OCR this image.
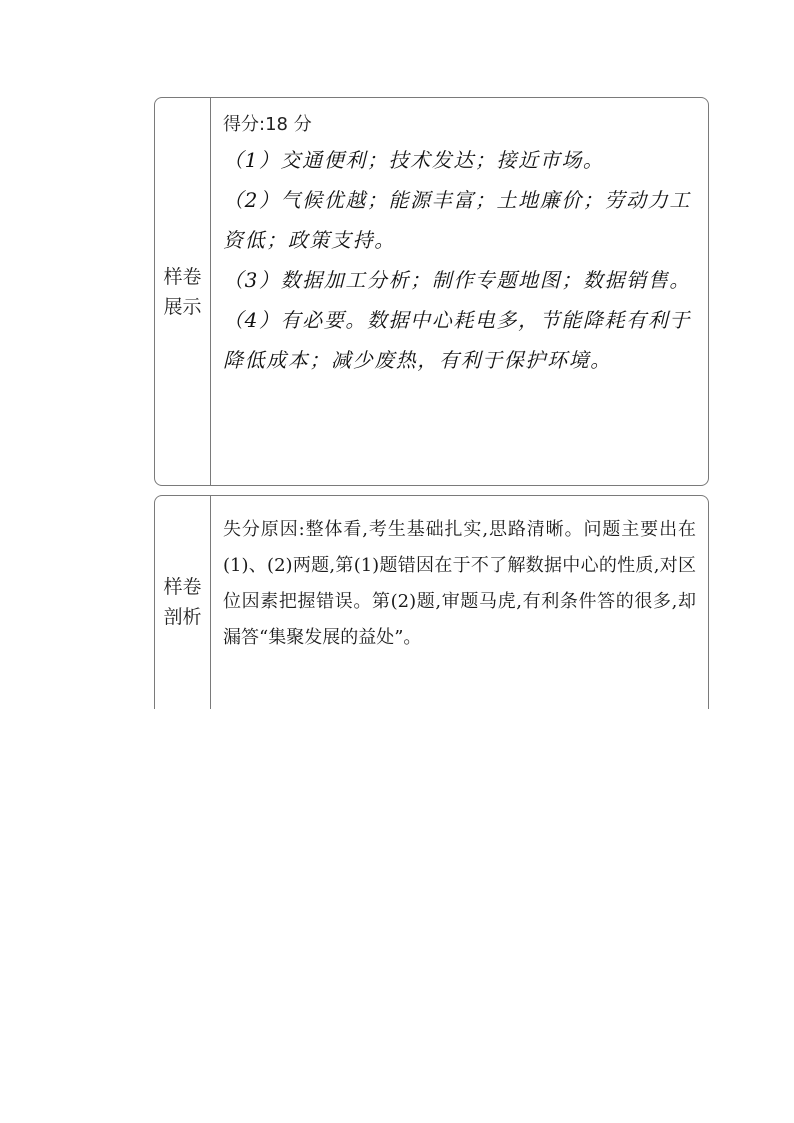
样卷展示
得分:18 分

（1）交通便利；技术发达；接近市场。

（2）气候优越；能源丰富；土地廉价；劳动力工资低；政策支持。

（3）数据加工分析；制作专题地图；数据销售。

（4）有必要。数据中心耗电多，节能降耗有利于降低成本；减少废热，有利于保护环境。

样卷剖析

失分原因:整体看,考生基础扎实,思路清晰。问题主要出在(1)、(2)两题,第(1)题错因在于不了解数据中心的性质,对区位因素把握错误。第(2)题,审题马虎,有利条件答的很多,却漏答“集聚发展的益处”。
